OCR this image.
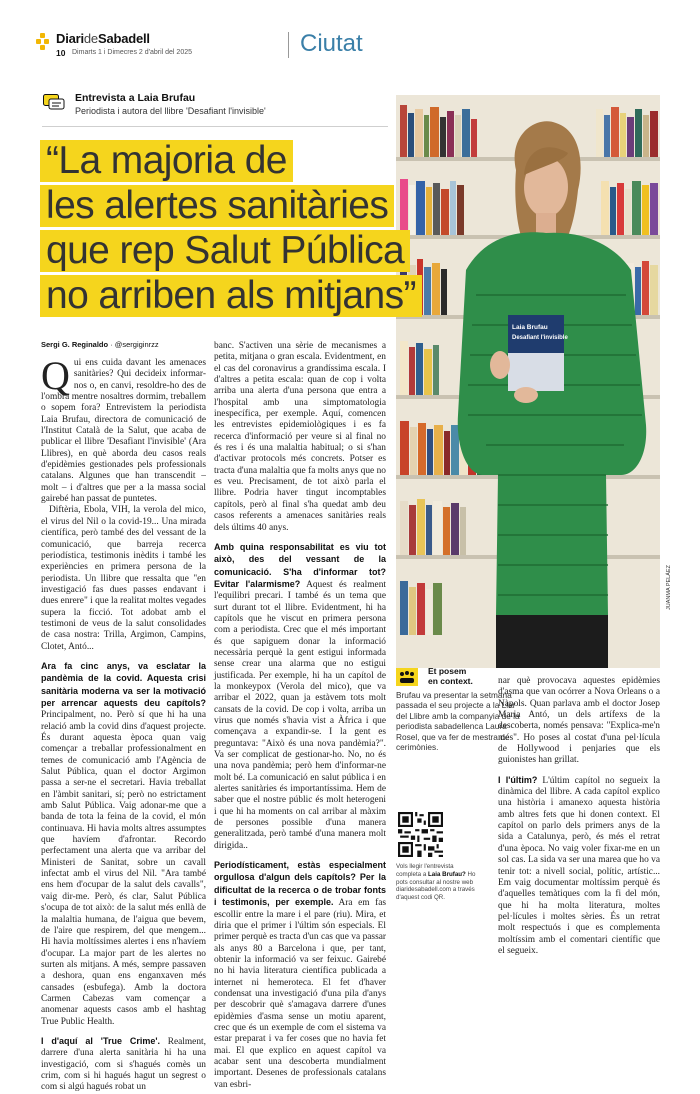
DiarideSabadell
10 Dimarts 1 i Dimecres 2 d'abril del 2025	Ciutat
Entrevista a Laia Brufau
Periodista i autora del llibre 'Desafiant l'invisible'
Laia Brufau
Desafiant l'invisible
JUANMA PELÁEZ
“La majoria de
les alertes sanitàries
que rep Salut Pública
no arriben als mitjans”
Sergi G. Reginaldo · @sergiginrzz

Qui ens cuida davant les amenaces sanitàries? Qui decideix informar-nos o, en canvi, resoldre-ho des de l'ombra mentre nosaltres dormim, treballem o sopem fora? Entrevistem la periodista Laia Brufau, directora de comunicació de l'Institut Català de la Salut, que acaba de publicar el llibre 'Desafiant l'invisible' (Ara Llibres), en què aborda deu casos reals d'epidèmies gestionades pels professionals catalans. Algunes que han transcendit – molt – i d'altres que per a la massa social gairebé han passat de puntetes.

Diftèria, Ebola, VIH, la verola del mico, el virus del Nil o la covid-19... Una mirada científica, però també des del vessant de la comunicació, que barreja recerca periodística, testimonis inèdits i també les experiències en primera persona de la periodista. Un llibre que ressalta que "en investigació fas dues passes endavant i dues enrere" i que la realitat moltes vegades supera la ficció. Tot adobat amb el testimoni de veus de la salut consolidades de casa nostra: Trilla, Argimon, Campins, Clotet, Antó...

Ara fa cinc anys, va esclatar la pandèmia de la covid. Aquesta crisi sanitària moderna va ser la motivació per arrencar aquests deu capítols? Principalment, no. Però sí que hi ha una relació amb la covid dins d'aquest projecte. És durant aquesta època quan vaig començar a treballar professionalment en temes de comunicació amb l'Agència de Salut Pública, quan el doctor Argimon passa a ser-ne el secretari. Havia treballat en l'àmbit sanitari, sí; però no estrictament amb Salut Pública. Vaig adonar-me que a banda de tota la feina de la covid, el món continuava. Hi havia molts altres assumptes que havíem d'afrontar. Recordo perfectament una alerta que va arribar del Ministeri de Sanitat, sobre un cavall infectat amb el virus del Nil. "Ara també ens hem d'ocupar de la salut dels cavalls", vaig dir-me. Però, és clar, Salut Pública s'ocupa de tot això: de la salut més enllà de la malaltia humana, de l'aigua que bevem, de l'aire que respirem, del que mengem... Hi havia moltíssimes alertes i ens n'havíem d'ocupar. La major part de les alertes no surten als mitjans. A més, sempre passaven a deshora, quan ens enganxaven més cansades (esbufega). Amb la doctora Carmen Cabezas vam començar a anomenar aquests casos amb el hashtag True Public Health.

I d'aquí al 'True Crime'. Realment, darrere d'una alerta sanitària hi ha una investigació, com si s'hagués comès un crim, com si hi hagués hagut un segrest o com si algú hagués robat un

banc. S'activen una sèrie de mecanismes a petita, mitjana o gran escala. Evidentment, en el cas del coronavirus a grandíssima escala. I d'altres a petita escala: quan de cop i volta arriba una alerta d'una persona que entra a l'hospital amb una simptomatologia inespecífica, per exemple. Aquí, comencen les entrevistes epidemiològiques i es fa recerca d'informació per veure si al final no és res i és una malaltia habitual; o si s'han d'activar protocols més concrets. Potser es tracta d'una malaltia que fa molts anys que no es veu. Precisament, de tot això parla el llibre. Podria haver tingut incomptables capítols, però al final s'ha quedat amb deu casos referents a amenaces sanitàries reals dels últims 40 anys.

Amb quina responsabilitat es viu tot això, des del vessant de la comunicació. S'ha d'informar tot? Evitar l'alarmisme? Aquest és realment l'equilibri precari. I també és un tema que surt durant tot el llibre. Evidentment, hi ha capítols que he viscut en primera persona com a periodista. Crec que el més important és que sapiguem donar la informació necessària perquè la gent estigui informada sense crear una alarma que no estigui justificada. Per exemple, hi ha un capítol de la monkeypox (Verola del mico), que va arribar el 2022, quan ja estàvem tots molt cansats de la covid. De cop i volta, arriba un virus que només s'havia vist a Àfrica i que començava a expandir-se. I la gent es preguntava: "Això és una nova pandèmia?". Va ser complicat de gestionar-ho. No, no és una nova pandèmia; però hem d'informar-ne molt bé. La comunicació en salut pública i en alertes sanitàries és importantíssima. Hem de saber que el nostre públic és molt heterogeni i que hi ha moments on cal arribar al màxim de persones possible d'una manera generalitzada, però també d'una manera molt dirigida..

Periodísticament, estàs especialment orgullosa d'algun dels capítols? Per la dificultat de la recerca o de trobar fonts i testimonis, per exemple. Ara em fas escollir entre la mare i el pare (riu). Mira, et diria que el primer i l'últim són especials. El primer perquè es tracta d'un cas que va passar als anys 80 a Barcelona i que, per tant, obtenir la informació va ser feixuc. Gairebé no hi havia literatura científica publicada a internet ni hemeroteca. El fet d'haver condensat una investigació d'una pila d'anys per descobrir què s'amagava darrere d'unes epidèmies d'asma sense un motiu aparent, crec que és un exemple de com el sistema va estar preparat i va fer coses que no havia fet mai. El que explico en aquest capítol va acabar sent una descoberta mundialment important. Desenes de professionals catalans van esbri-

Et posem
en context.
Brufau va presentar la setmana passada el seu projecte a la Llar del Llibre amb la companyia de la periodista sabadellenca Laura Rosel, que va fer de mestra de cerimònies.
Vols llegir l'entrevista completa a Laia Brufau? Ho pots consultar al nostre web diaridesabadell.com a través d'aquest codi QR.

nar què provocava aquestes epidèmies d'asma que van ocórrer a Nova Orleans o a Nàpols. Quan parlava amb el doctor Josep Maria Antó, un dels artífexs de la descoberta, només pensava: "Explica-me'n més". Ho poses al costat d'una pel·lícula de Hollywood i penjaries que els guionistes han grillat.

I l'últim? L'últim capítol no segueix la dinàmica del llibre. A cada capítol explico una història i amanexo aquesta història amb altres fets que hi donen context. El capítol on parlo dels primers anys de la sida a Catalunya, però, és més el retrat d'una època. No vaig voler fixar-me en un sol cas. La sida va ser una marea que ho va tenir tot: a nivell social, polític, artístic... Em vaig documentar moltíssim perquè és d'aquelles temàtiques com la fi del món, que hi ha molta literatura, moltes pel·lícules i moltes sèries. És un retrat molt respectuós i que es complementa moltíssim amb el comentari científic que el segueix.
